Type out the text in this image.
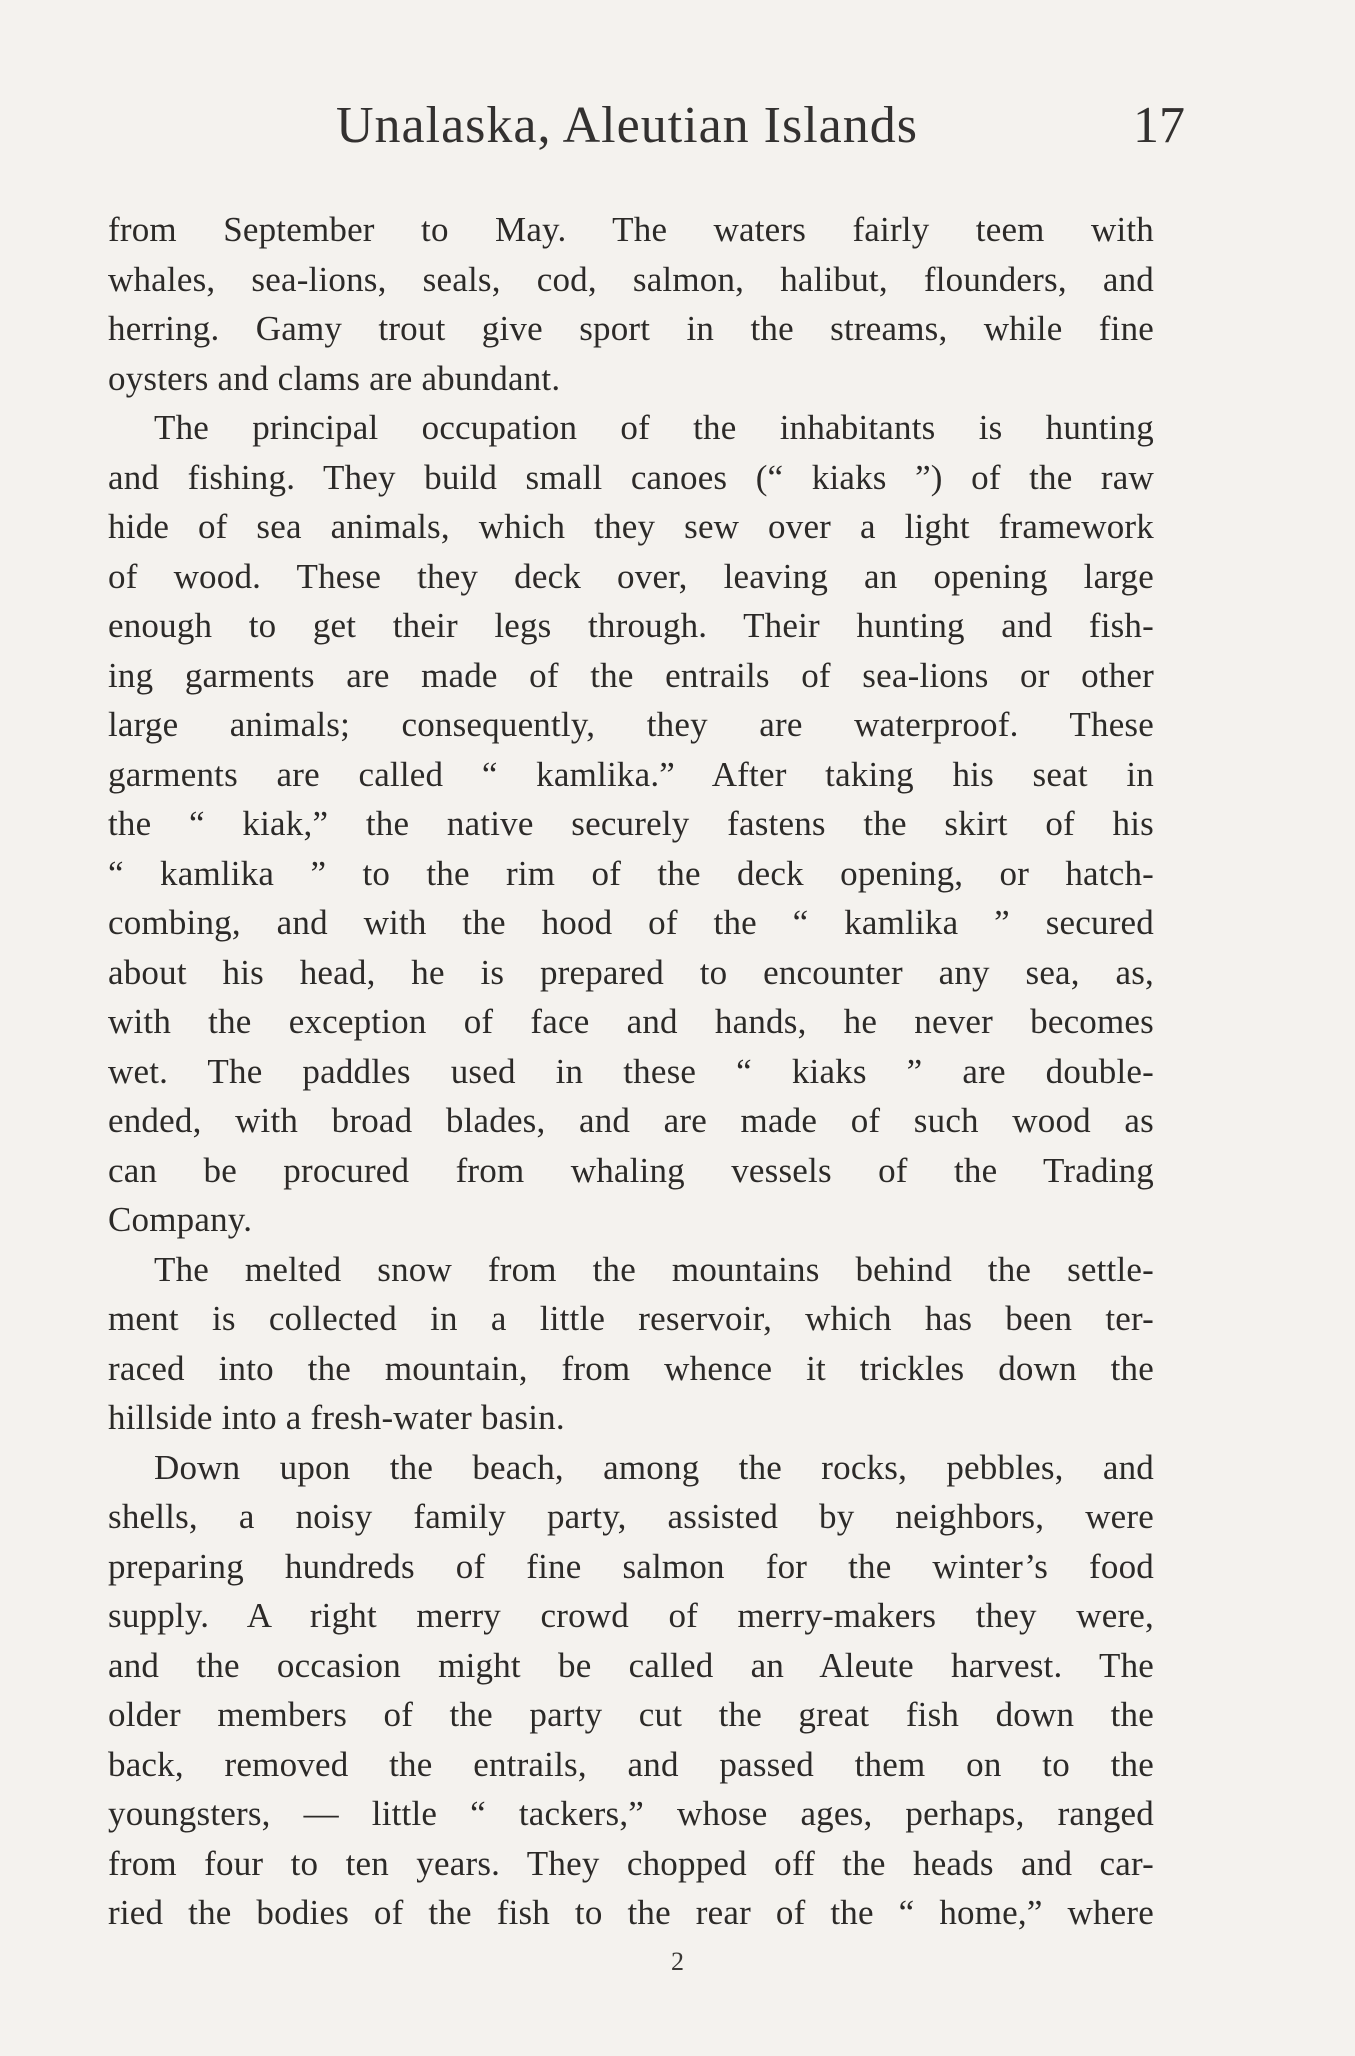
Unalaska, Aleutian Islands	17
from September to May. The waters fairly teem with
whales, sea-lions, seals, cod, salmon, halibut, flounders, and
herring. Gamy trout give sport in the streams, while fine
oysters and clams are abundant.
The principal occupation of the inhabitants is hunting
and fishing. They build small canoes (“ kiaks ”) of the raw
hide of sea animals, which they sew over a light framework
of wood. These they deck over, leaving an opening large
enough to get their legs through. Their hunting and fish-
ing garments are made of the entrails of sea-lions or other
large animals; consequently, they are waterproof. These
garments are called “ kamlika.” After taking his seat in
the “ kiak,” the native securely fastens the skirt of his
“ kamlika ” to the rim of the deck opening, or hatch-
combing, and with the hood of the “ kamlika ” secured
about his head, he is prepared to encounter any sea, as,
with the exception of face and hands, he never becomes
wet. The paddles used in these “ kiaks ” are double-
ended, with broad blades, and are made of such wood as
can be procured from whaling vessels of the Trading
Company.
The melted snow from the mountains behind the settle-
ment is collected in a little reservoir, which has been ter-
raced into the mountain, from whence it trickles down the
hillside into a fresh-water basin.
Down upon the beach, among the rocks, pebbles, and
shells, a noisy family party, assisted by neighbors, were
preparing hundreds of fine salmon for the winter’s food
supply. A right merry crowd of merry-makers they were,
and the occasion might be called an Aleute harvest. The
older members of the party cut the great fish down the
back, removed the entrails, and passed them on to the
youngsters, — little “ tackers,” whose ages, perhaps, ranged
from four to ten years. They chopped off the heads and car-
ried the bodies of the fish to the rear of the “ home,” where
2
